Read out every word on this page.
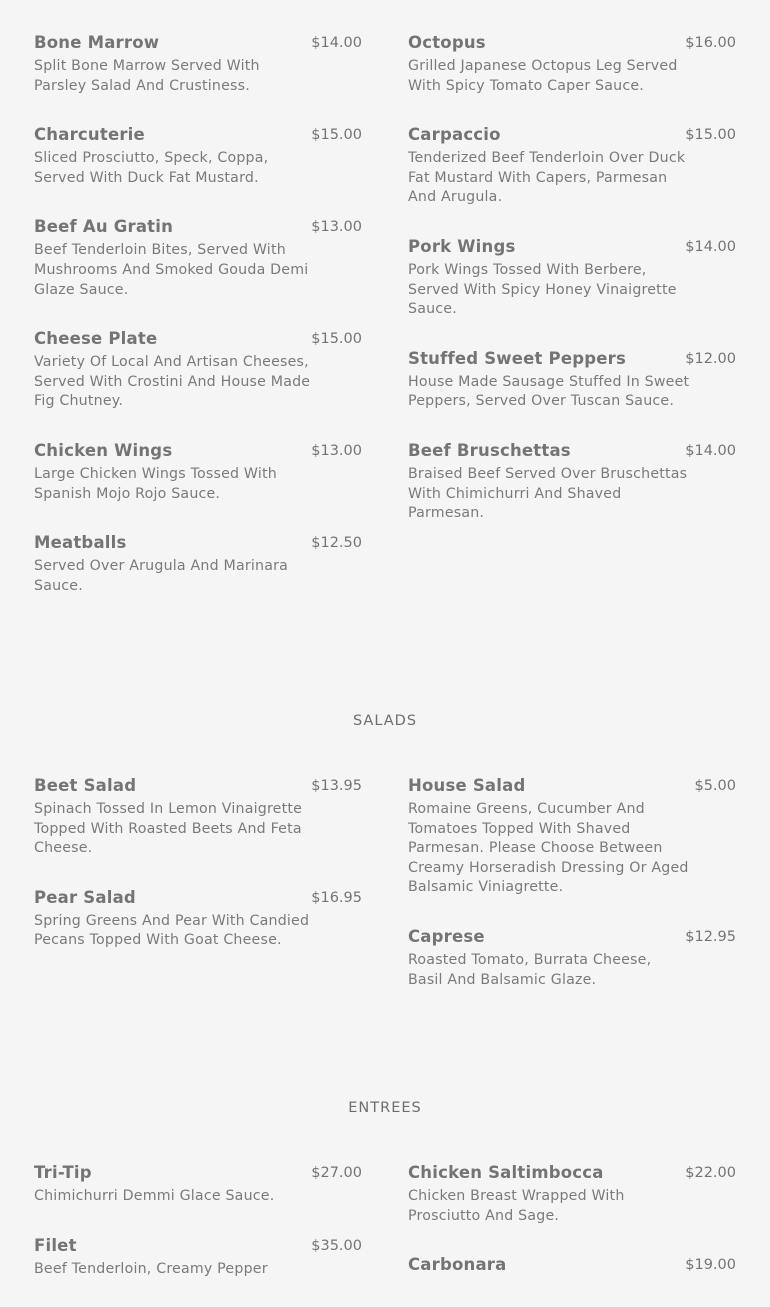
Bone Marrow	$14.00
Split Bone Marrow Served With Parsley Salad And Crustiness.
Charcuterie	$15.00
Sliced Prosciutto, Speck, Coppa, Served With Duck Fat Mustard.
Beef Au Gratin	$13.00
Beef Tenderloin Bites, Served With Mushrooms And Smoked Gouda Demi Glaze Sauce.
Cheese Plate	$15.00
Variety Of Local And Artisan Cheeses, Served With Crostini And House Made Fig Chutney.
Chicken Wings	$13.00
Large Chicken Wings Tossed With Spanish Mojo Rojo Sauce.
Meatballs	$12.50
Served Over Arugula And Marinara Sauce.
Octopus	$16.00
Grilled Japanese Octopus Leg Served With Spicy Tomato Caper Sauce.
Carpaccio	$15.00
Tenderized Beef Tenderloin Over Duck Fat Mustard With Capers, Parmesan And Arugula.
Pork Wings	$14.00
Pork Wings Tossed With Berbere, Served With Spicy Honey Vinaigrette Sauce.
Stuffed Sweet Peppers	$12.00
House Made Sausage Stuffed In Sweet Peppers, Served Over Tuscan Sauce.
Beef Bruschettas	$14.00
Braised Beef Served Over Bruschettas With Chimichurri And Shaved Parmesan.
SALADS
Beet Salad	$13.95
Spinach Tossed In Lemon Vinaigrette Topped With Roasted Beets And Feta Cheese.
Pear Salad	$16.95
Spring Greens And Pear With Candied Pecans Topped With Goat Cheese.
House Salad	$5.00
Romaine Greens, Cucumber And Tomatoes Topped With Shaved Parmesan. Please Choose Between Creamy Horseradish Dressing Or Aged Balsamic Viniagrette.
Caprese	$12.95
Roasted Tomato, Burrata Cheese, Basil And Balsamic Glaze.
ENTREES
Tri-Tip	$27.00
Chimichurri Demmi Glace Sauce.
Filet	$35.00
Beef Tenderloin, Creamy Pepper
Chicken Saltimbocca	$22.00
Chicken Breast Wrapped With Prosciutto And Sage.
Carbonara	$19.00
